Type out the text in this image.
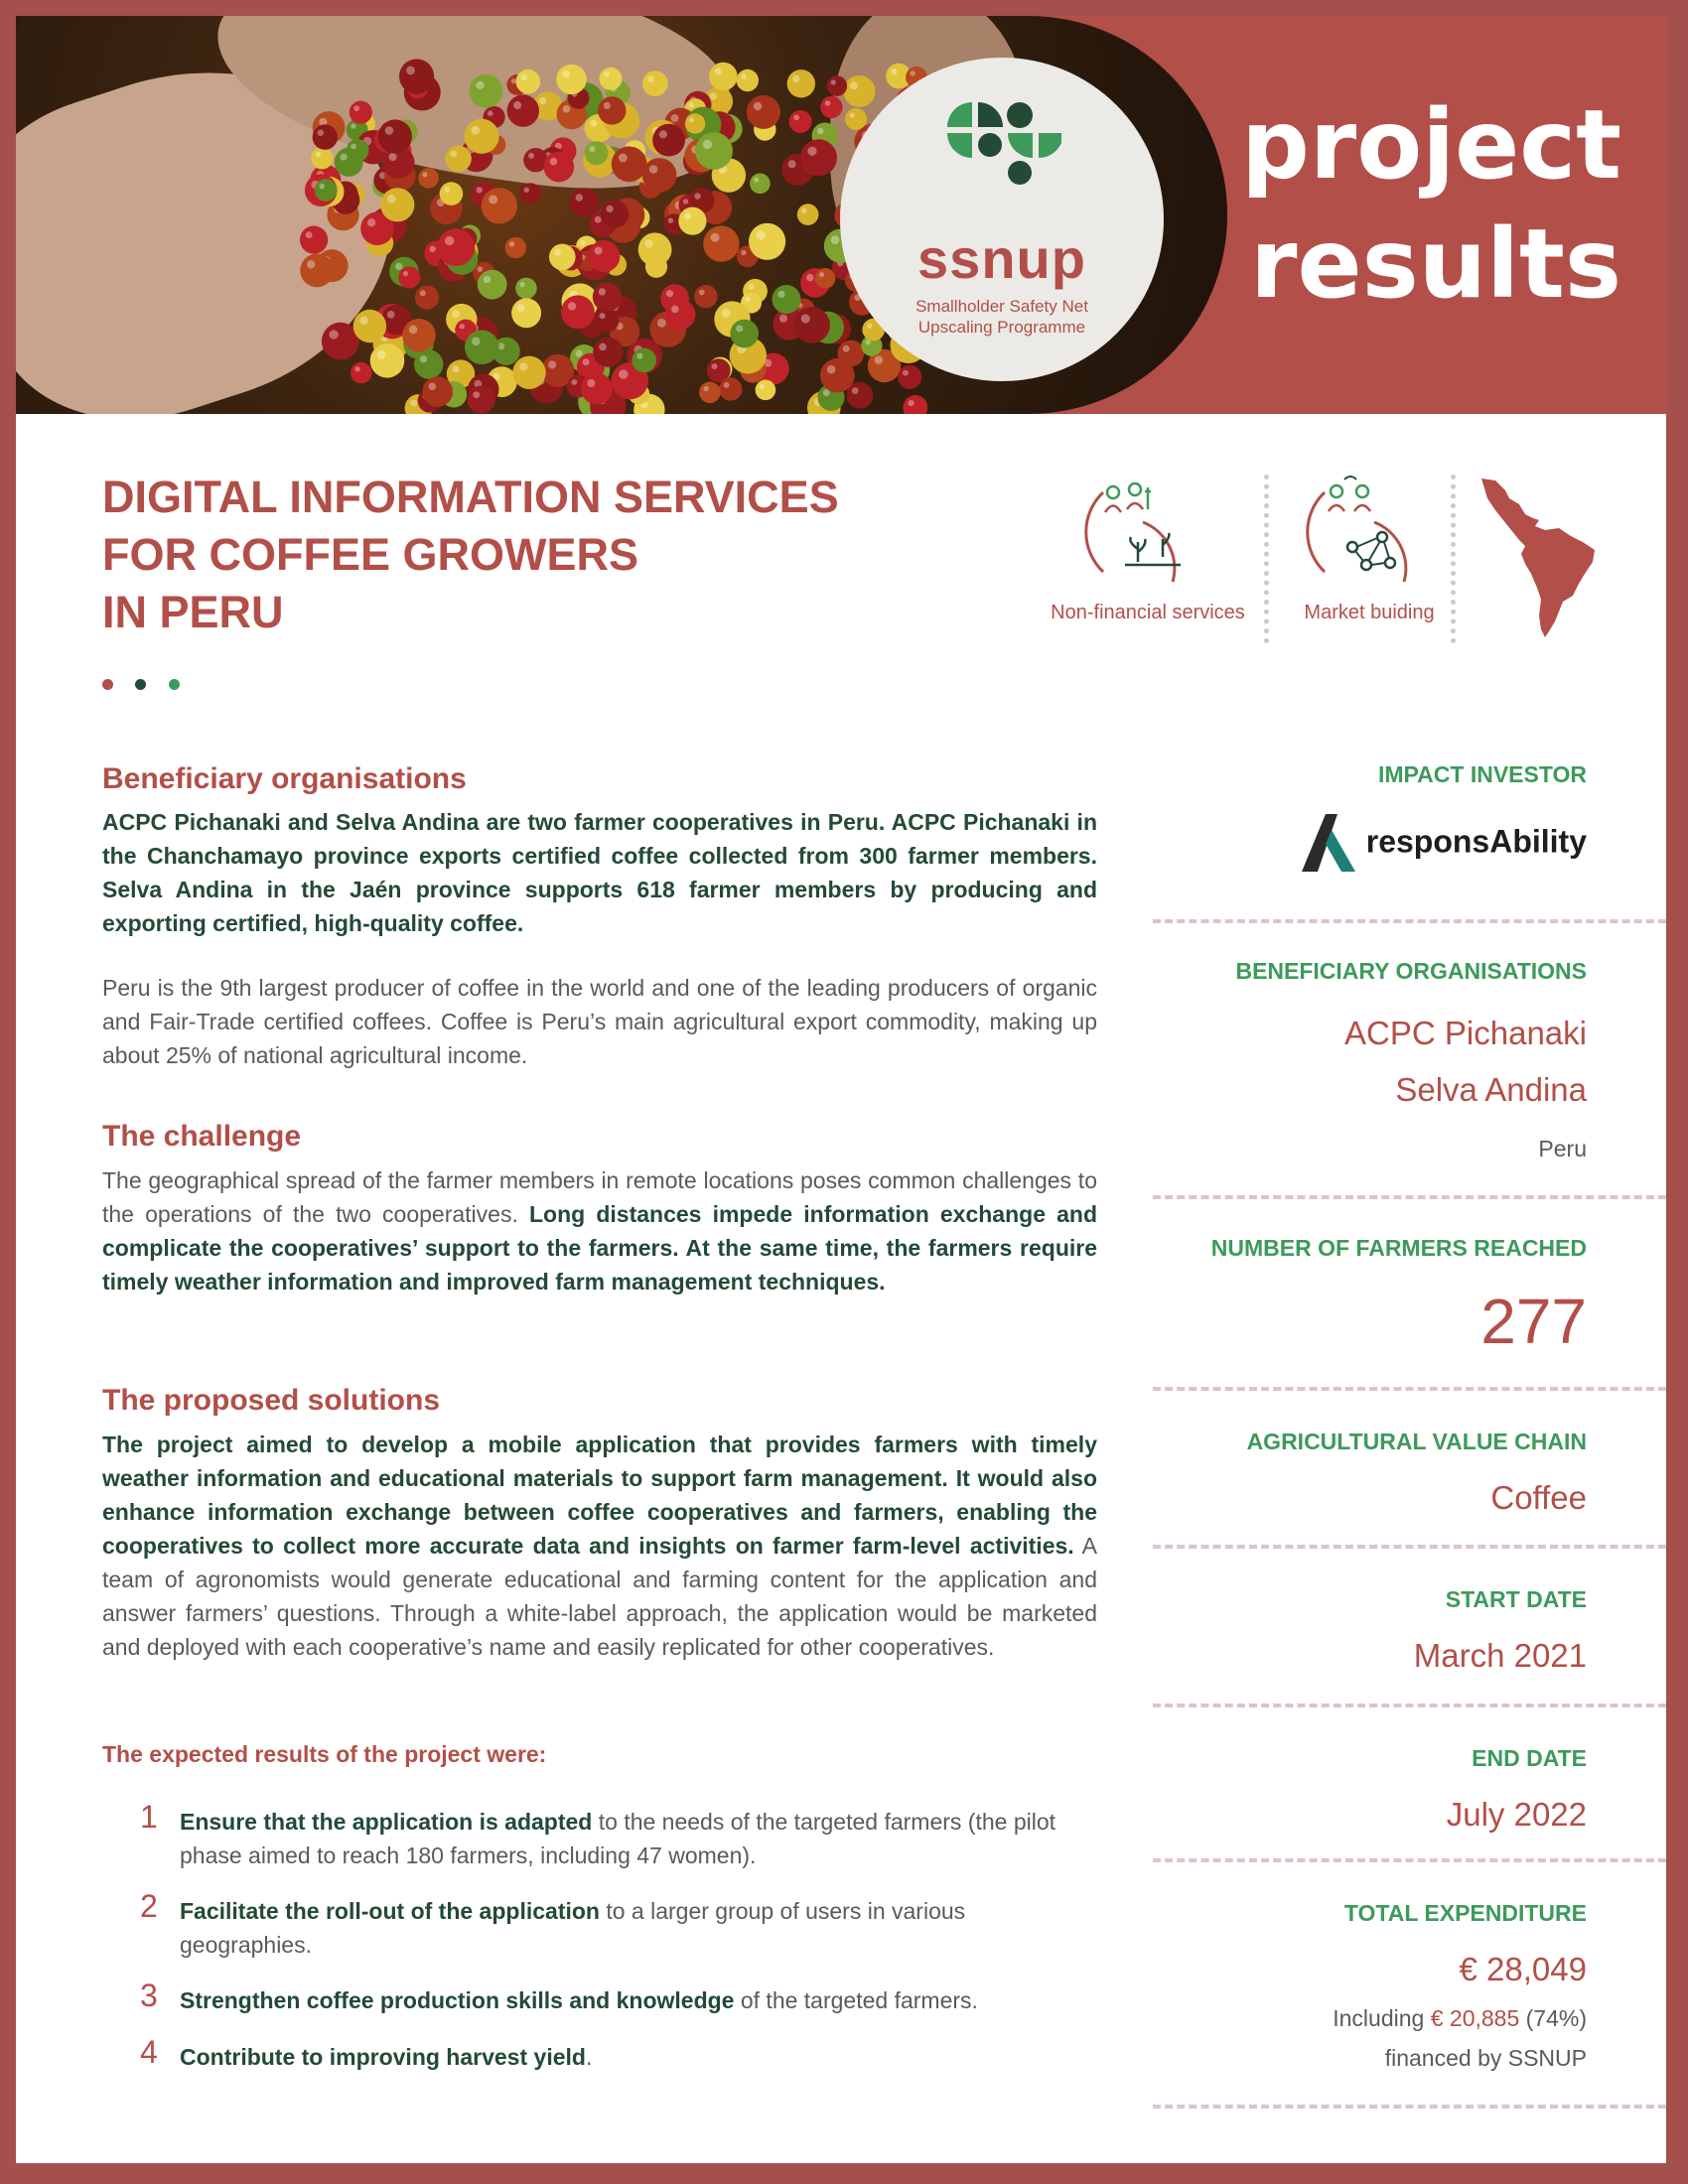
ssnup
Smallholder Safety Net
Upscaling Programme
project
results
DIGITAL INFORMATION SERVICES
FOR COFFEE GROWERS
IN PERU
	Non-financial services	Market buiding
Beneficiary organisations
ACPC Pichanaki and Selva Andina are two farmer cooperatives in Peru. ACPC Pichanaki in the Chanchamayo province exports certified coffee collected from 300 farmer members. Selva Andina in the Jaén province supports 618 farmer members by producing and exporting certified, high-quality coffee.
Peru is the 9th largest producer of coffee in the world and one of the leading producers of organic and Fair-Trade certified coffees. Coffee is Peru’s main agricultural export commodity, making up about 25% of national agricultural income.
The challenge
The geographical spread of the farmer members in remote locations poses common challenges to the operations of the two cooperatives. Long distances impede information exchange and complicate the cooperatives’ support to the farmers. At the same time, the farmers require timely weather information and improved farm management techniques.
The proposed solutions
The project aimed to develop a mobile application that provides farmers with timely weather information and educational materials to support farm management. It would also enhance information exchange between coffee cooperatives and farmers, enabling the cooperatives to collect more accurate data and insights on farmer farm-level activities. A team of agronomists would generate educational and farming content for the application and answer farmers’ questions. Through a white-label approach, the application would be marketed and deployed with each cooperative’s name and easily replicated for other cooperatives.
The expected results of the project were:
1 Ensure that the application is adapted to the needs of the targeted farmers (the pilot phase aimed to reach 180 farmers, including 47 women).
2 Facilitate the roll-out of the application to a larger group of users in various geographies.
3 Strengthen coffee production skills and knowledge of the targeted farmers.
4 Contribute to improving harvest yield.
IMPACT INVESTOR
responsAbility
BENEFICIARY ORGANISATIONS
ACPC Pichanaki
Selva Andina
Peru
NUMBER OF FARMERS REACHED
277
AGRICULTURAL VALUE CHAIN
Coffee
START DATE
March 2021
END DATE
July 2022
TOTAL EXPENDITURE
€ 28,049
Including € 20,885 (74%)
financed by SSNUP
